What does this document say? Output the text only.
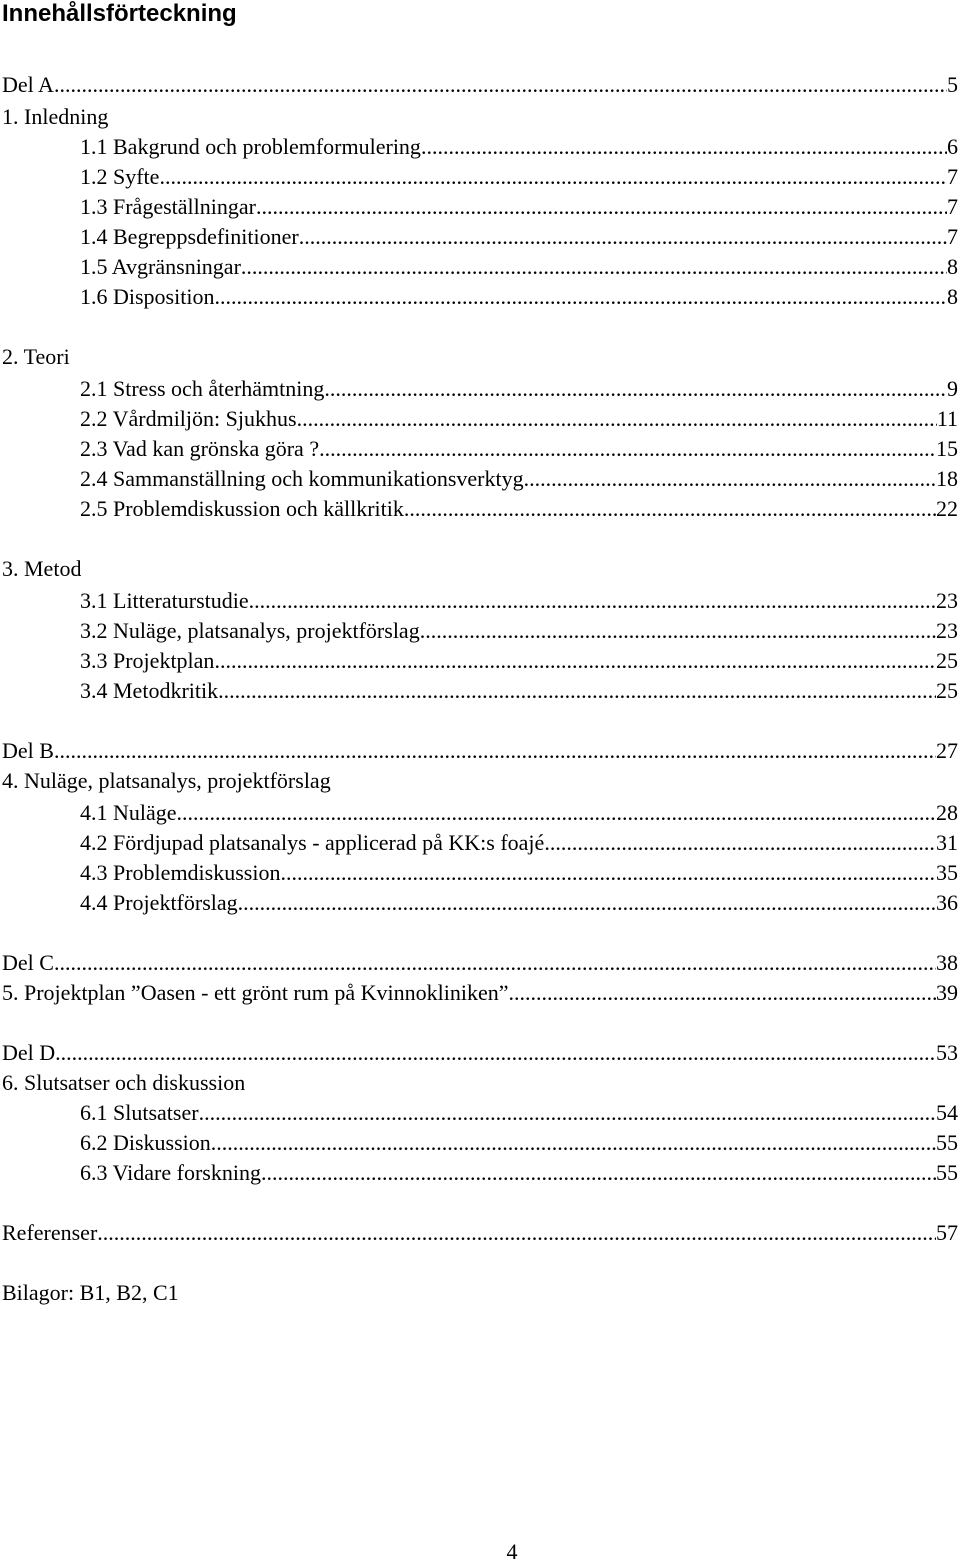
Innehållsförteckning
Del A .....	5
1. Inledning
1.1 Bakgrund och problemformulering .....	6
1.2 Syfte .....	7
1.3 Frågeställningar .....	7
1.4 Begreppsdefinitioner .....	7
1.5 Avgränsningar .....	8
1.6 Disposition .....	8
2. Teori
2.1 Stress och återhämtning .....	9
2.2 Vårdmiljön: Sjukhus .....	11
2.3 Vad kan grönska göra ? .....	15
2.4 Sammanställning och kommunikationsverktyg .....	18
2.5 Problemdiskussion och källkritik .....	22
3. Metod
3.1 Litteraturstudie .....	23
3.2 Nuläge, platsanalys, projektförslag .....	23
3.3 Projektplan .....	25
3.4 Metodkritik .....	25
Del B .....	27
4. Nuläge, platsanalys, projektförslag
4.1 Nuläge .....	28
4.2 Fördjupad platsanalys - applicerad på KK:s foajé .....	31
4.3 Problemdiskussion .....	35
4.4 Projektförslag .....	36
Del C .....	38
5. Projektplan ”Oasen - ett grönt rum på Kvinnokliniken” .....	39
Del D .....	53
6. Slutsatser och diskussion
6.1 Slutsatser .....	54
6.2 Diskussion .....	55
6.3 Vidare forskning .....	55
Referenser .....	57
Bilagor: B1, B2, C1
4
